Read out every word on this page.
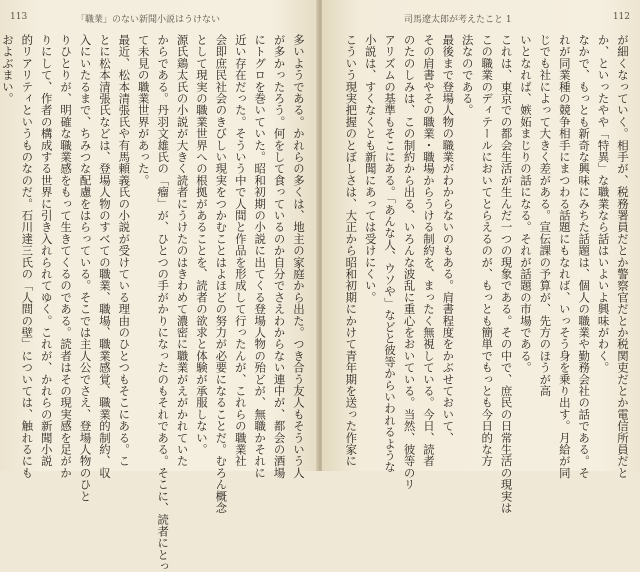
113	「職業」のない新聞小説はうけない
多いようである。かれらの多くは、地主の家庭から出た。つき合う友人もそういう人
が多かったろう。何をして食っているのか自分でさえわからない連中が、都会の酒場
にトグロを巻いていた。昭和初期の小説に出てくる登場人物の殆どが、無職かそれに
近い存在だった。そういう中で人間と作品を形成して行ったんが、これらの職業社
会即庶民社会のきびしい現実をつかむことはよほどの努力が必要になることだ。むろん概念
として現実の職業世界への根拠があることを、読者の欲求と体験が承服しない。
源氏鶏太氏の小説が大きく読者にうけたのはきわめて濃密に職業がえがかれていた
からである。丹羽文雄氏の「瘤」が、ひとつの手がかりになったのもそれである。そこに、読者にとっ
て未見の職業世界があった。
最近、松本清張氏や有馬頼義氏の小説が受けている理由のひとつもそこにある。こ
とに松本清張氏などは、登場人物のすべての職業、職場、職業感覚、職業的制約、収
入にいたるまで、ちみつな配慮をはらっている。そこでは主人公でさえ、登場人物のひと
りひとりが、明確な職業感をもって生きてくるのである。読者はその現実感を足がか
りにして、作者の構成する世界に引き入れられてゆく。これが、かれらの新聞小説
的リアリティというものなのだ。石川達三氏の「人間の壁」については、触れるにも
およぶまい。
司馬遼太郎が考えたこと 1	112
が細くなっていく。相手が、税務署員だとか警察官だとか税関吏だとか電信所員だと
か、といったやや「特異」な職業なら話はいよいよ興味がわく。
なかで、もっとも新奇な興味にみちた話題は、個人の職業や勤務会社の話である。そ
れが同業種の競争相手にまつわる話題にもなれば、いっそう身を乗り出す。月給が同
じでも社によって大きく差がある。宣伝課の予算が、先方のほうが高
いとなれば、嫉妬まじりの話になる。それが話題の市場である。
これは、東京での都会生活が生んだ一つの現象である。その中で、庶民の日常生活の現実は
この職業のディテールにおいてとらえるのが、もっとも簡単でもっとも今日的な方
法なのである。
最後まで登場人物の職業がわからないのもある。肩書程度をかぶせておいて、
その肩書やその職業・職場からうける制約を、まったく無視している。今日、読者
のたのしみは、この制約から出る、いろんな波乱に重心をおいている。当然、彼等のリ
アリズムの基準もそこにある。「あんな人、ウソや」などと彼等からいわれるような
小説は、すくなくとも新聞にあっては受けにくい。
こういう現実把握のとぼしさは、大正から昭和初期にかけて青年期を送った作家に
